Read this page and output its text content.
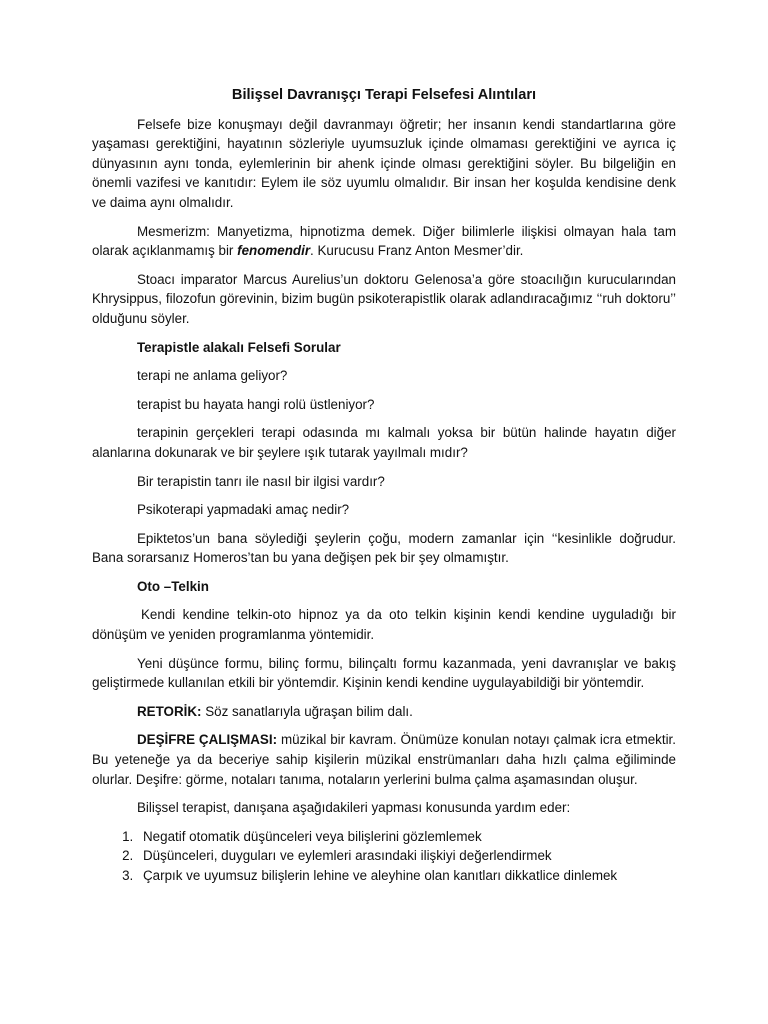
Bilişsel Davranışçı Terapi Felsefesi Alıntıları

Felsefe bize konuşmayı değil davranmayı öğretir; her insanın kendi standartlarına göre yaşaması gerektiğini, hayatının sözleriyle uyumsuzluk içinde olmaması gerektiğini ve ayrıca iç dünyasının aynı tonda, eylemlerinin bir ahenk içinde olması gerektiğini söyler. Bu bilgeliğin en önemli vazifesi ve kanıtıdır: Eylem ile söz uyumlu olmalıdır. Bir insan her koşulda kendisine denk ve daima aynı olmalıdır.

Mesmerizm: Manyetizma, hipnotizma demek. Diğer bilimlerle ilişkisi olmayan hala tam olarak açıklanmamış bir fenomendir. Kurucusu Franz Anton Mesmer’dir.

Stoacı imparator Marcus Aurelius’un doktoru Gelenosa’a göre stoacılığın kurucularından Khrysippus, filozofun görevinin, bizim bugün psikoterapistlik olarak adlandıracağımız ‘‘ruh doktoru’’ olduğunu söyler.

Terapistle alakalı Felsefi Sorular

terapi ne anlama geliyor?

terapist bu hayata hangi rolü üstleniyor?

terapinin gerçekleri terapi odasında mı kalmalı yoksa bir bütün halinde hayatın diğer alanlarına dokunarak ve bir şeylere ışık tutarak yayılmalı mıdır?

Bir terapistin tanrı ile nasıl bir ilgisi vardır?

Psikoterapi yapmadaki amaç nedir?

Epiktetos’un bana söylediği şeylerin çoğu, modern zamanlar için ‘‘kesinlikle doğrudur. Bana sorarsanız Homeros’tan bu yana değişen pek bir şey olmamıştır.

Oto –Telkin

Kendi kendine telkin-oto hipnoz ya da oto telkin kişinin kendi kendine uyguladığı bir dönüşüm ve yeniden programlanma yöntemidir.

Yeni düşünce formu, bilinç formu, bilinçaltı formu kazanmada, yeni davranışlar ve bakış geliştirmede kullanılan etkili bir yöntemdir. Kişinin kendi kendine uygulayabildiği bir yöntemdir.

RETORİK: Söz sanatlarıyla uğraşan bilim dalı.

DEŞİFRE ÇALIŞMASI: müzikal bir kavram. Önümüze konulan notayı çalmak icra etmektir. Bu yeteneğe ya da beceriye sahip kişilerin müzikal enstrümanları daha hızlı çalma eğiliminde olurlar. Deşifre: görme, notaları tanıma, notaların yerlerini bulma çalma aşamasından oluşur.

Bilişsel terapist, danışana aşağıdakileri yapması konusunda yardım eder:

1. Negatif otomatik düşünceleri veya bilişlerini gözlemlemek
2. Düşünceleri, duyguları ve eylemleri arasındaki ilişkiyi değerlendirmek
3. Çarpık ve uyumsuz bilişlerin lehine ve aleyhine olan kanıtları dikkatlice dinlemek
